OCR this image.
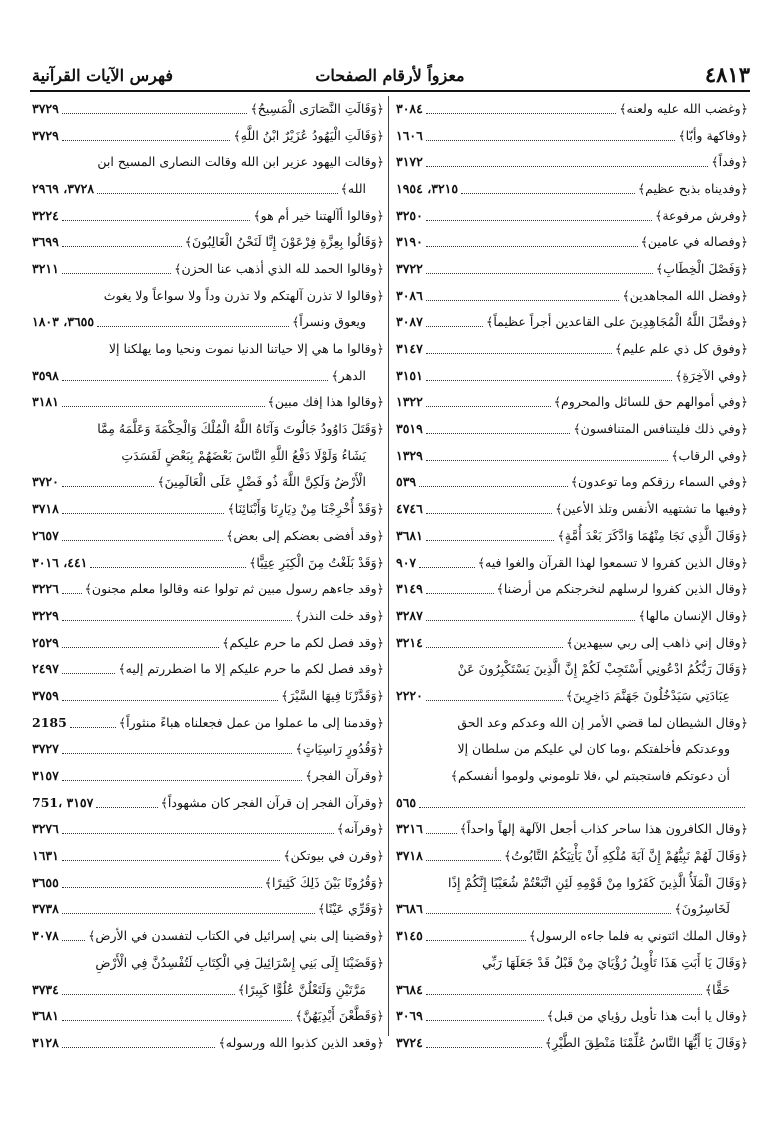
٤٨١٣
معزواً لأرقام الصفحات
فهرس الآيات القرآنية
﴿وغضب الله عليه ولعنه﴾
٣٠٨٤
﴿وفاكهة وأبّا﴾
١٦٠٦
﴿وفداً﴾
٣١٧٢
﴿وفديناه بذبح عظيم﴾
٣٢١٥، ١٩٥٤
﴿وفرش مرفوعة﴾
٣٢٥٠
﴿وفصاله في عامين﴾
٣١٩٠
﴿وَفَصْلَ الْخِطَابِ﴾
٣٧٢٢
﴿وفضل الله المجاهدين﴾
٣٠٨٦
﴿وفضَّلَ اللَّهُ الْمُجَاهِدِينَ على القاعدين أجراً عظيماً﴾
٣٠٨٧
﴿وفوق كل ذي علم عليم﴾
٣١٤٧
﴿وفي الآخِرَةِ﴾
٣١٥١
﴿وفي أموالهم حق للسائل والمحروم﴾
١٣٢٢
﴿وفي ذلك فليتنافس المتنافسون﴾
٣٥١٩
﴿وفي الرقاب﴾
١٣٢٩
﴿وفي السماء رزقكم وما توعدون﴾
٥٣٩
﴿وفيها ما تشتهيه الأنفس وتلذ الأعين﴾
٤٧٤٦
﴿وَقَالَ الَّذِي نَجَا مِنْهُمَا وَادَّكَرَ بَعْدَ أُمَّةٍ﴾
٣٦٨١
﴿وقال الذين كفروا لا تسمعوا لهذا القرآن والغوا فيه﴾
٩٠٧
﴿وقال الذين كفروا لرسلهم لنخرجنكم من أرضنا﴾
٣١٤٩
﴿وقال الإنسان مالها﴾
٣٢٨٧
﴿وقال إني ذاهب إلى ربي سيهدين﴾
٣٢١٤
﴿وَقَالَ رَبُّكُمُ ادْعُونِي أَسْتَجِبْ لَكُمْ إِنَّ الَّذِينَ يَسْتَكْبِرُونَ عَنْ
عِبَادَتِي سَيَدْخُلُونَ جَهَنَّمَ دَاخِرِينَ﴾
٢٢٢٠
﴿وقال الشيطان لما قضي الأمر إن الله وعدكم وعد الحق
ووعدتكم فأخلفتكم ،وما كان لي عليكم من سلطان إلا
أن دعوتكم فاستجبتم لي ،فلا تلوموني ولوموا أنفسكم﴾
٥٦٥
﴿وقال الكافرون هذا ساحر كذاب أجعل الآلهة إلهاً واحداً﴾
٣٢١٦
﴿وَقَالَ لَهُمْ نَبِيُّهُمْ إِنَّ آيَةَ مُلْكِهِ أَنْ يَأْتِيَكُمُ التَّابُوتُ﴾
٣٧١٨
﴿وَقَالَ الْمَلَأُ الَّذِينَ كَفَرُوا مِنْ قَوْمِهِ لَئِنِ اتَّبَعْتُمْ شُعَيْبًا إِنَّكُمْ إِذًا
لَخَاسِرُونَ﴾
٣٦٨٦
﴿وقال الملك ائتوني به فلما جاءه الرسول﴾
٣١٤٥
﴿وَقَالَ يَا أَبَتِ هَذَا تَأْوِيلُ رُؤْيَايَ مِنْ قَبْلُ قَدْ جَعَلَهَا رَبِّي
حَقًّا﴾
٣٦٨٤
﴿وقال يا أبت هذا تأويل رؤياي من قبل﴾
٣٠٦٩
﴿وَقَالَ يَا أَيُّهَا النَّاسُ عُلِّمْنَا مَنْطِقَ الطَّيْرِ﴾
٣٧٢٤
﴿وَقَالَتِ النَّصَارَى الْمَسِيحُ﴾
٣٧٢٩
﴿وَقَالَتِ الْيَهُودُ عُزَيْرٌ ابْنُ اللَّهِ﴾
٣٧٢٩
﴿وقالت اليهود عزير ابن الله وقالت النصارى المسيح ابن
الله﴾
٣٧٢٨، ٢٩٦٩
﴿وقالوا أآلهتنا خير أم هو﴾
٣٢٢٤
﴿وَقَالُوا بِعِزَّةِ فِرْعَوْنَ إِنَّا لَنَحْنُ الْغَالِبُونَ﴾
٣٦٩٩
﴿وقالوا الحمد لله الذي أذهب عنا الحزن﴾
٣٢١١
﴿وقالوا لا تذرن آلهتكم ولا تذرن وداً ولا سواعاً ولا يغوث
ويعوق ونسراً﴾
٣٦٥٥، ١٨٠٣
﴿وقالوا ما هي إلا حياتنا الدنيا نموت ونحيا وما يهلكنا إلا
الدهر﴾
٣٥٩٨
﴿وقالوا هذا إفك مبين﴾
٣١٨١
﴿وَقَتَلَ دَاوُودُ جَالُوتَ وَآتَاهُ اللَّهُ الْمُلْكَ وَالْحِكْمَةَ وَعَلَّمَهُ مِمَّا
يَشَاءُ وَلَوْلَا دَفْعُ اللَّهِ النَّاسَ بَعْضَهُمْ بِبَعْضٍ لَفَسَدَتِ
الْأَرْضُ وَلَكِنَّ اللَّهَ ذُو فَضْلٍ عَلَى الْعَالَمِينَ﴾
٣٧٢٠
﴿وَقَدْ أُخْرِجْنَا مِنْ دِيَارِنَا وَأَبْنَائِنَا﴾
٣٧١٨
﴿وقد أفضى بعضكم إلى بعض﴾
٢٦٥٧
﴿وَقَدْ بَلَغْتُ مِنَ الْكِبَرِ عِتِيًّا﴾
٤٤١، ٣٠١٦
﴿وقد جاءهم رسول مبين ثم تولوا عنه وقالوا معلم مجنون﴾
٣٢٢٦
﴿وقد خلت النذر﴾
٣٢٢٩
﴿وقد فصل لكم ما حرم عليكم﴾
٢٥٢٩
﴿وقد فصل لكم ما حرم عليكم إلا ما اضطررتم إليه﴾
٢٤٩٧
﴿وَقَدَّرْنَا فِيهَا السَّيْرَ﴾
٣٧٥٩
﴿وقدمنا إلى ما عملوا من عمل فجعلناه هباءً منثوراً﴾
2185
﴿وَقُدُورٍ رَاسِيَاتٍ﴾
٣٧٢٧
﴿وقرآن الفجر﴾
٣١٥٧
﴿وقرآن الفجر إن قرآن الفجر كان مشهوداً﴾
751، ٣١٥٧
﴿وقرآنه﴾
٣٢٧٦
﴿وقرن في بيوتكن﴾
١٦٣١
﴿وَقُرُونًا بَيْنَ ذَلِكَ كَثِيرًا﴾
٣٦٥٥
﴿وَقَرِّي عَيْنًا﴾
٣٧٣٨
﴿وقضينا إلى بني إسرائيل في الكتاب لتفسدن في الأرض﴾
٣٠٧٨
﴿وَقَضَيْنَا إِلَى بَنِي إِسْرَائِيلَ فِي الْكِتَابِ لَتُفْسِدُنَّ فِي الْأَرْضِ
مَرَّتَيْنِ وَلَتَعْلُنَّ عُلُوًّا كَبِيرًا﴾
٣٧٣٤
﴿وَقَطَّعْنَ أَيْدِيَهُنَّ﴾
٣٦٨١
﴿وقعد الذين كذبوا الله ورسوله﴾
٣١٢٨
